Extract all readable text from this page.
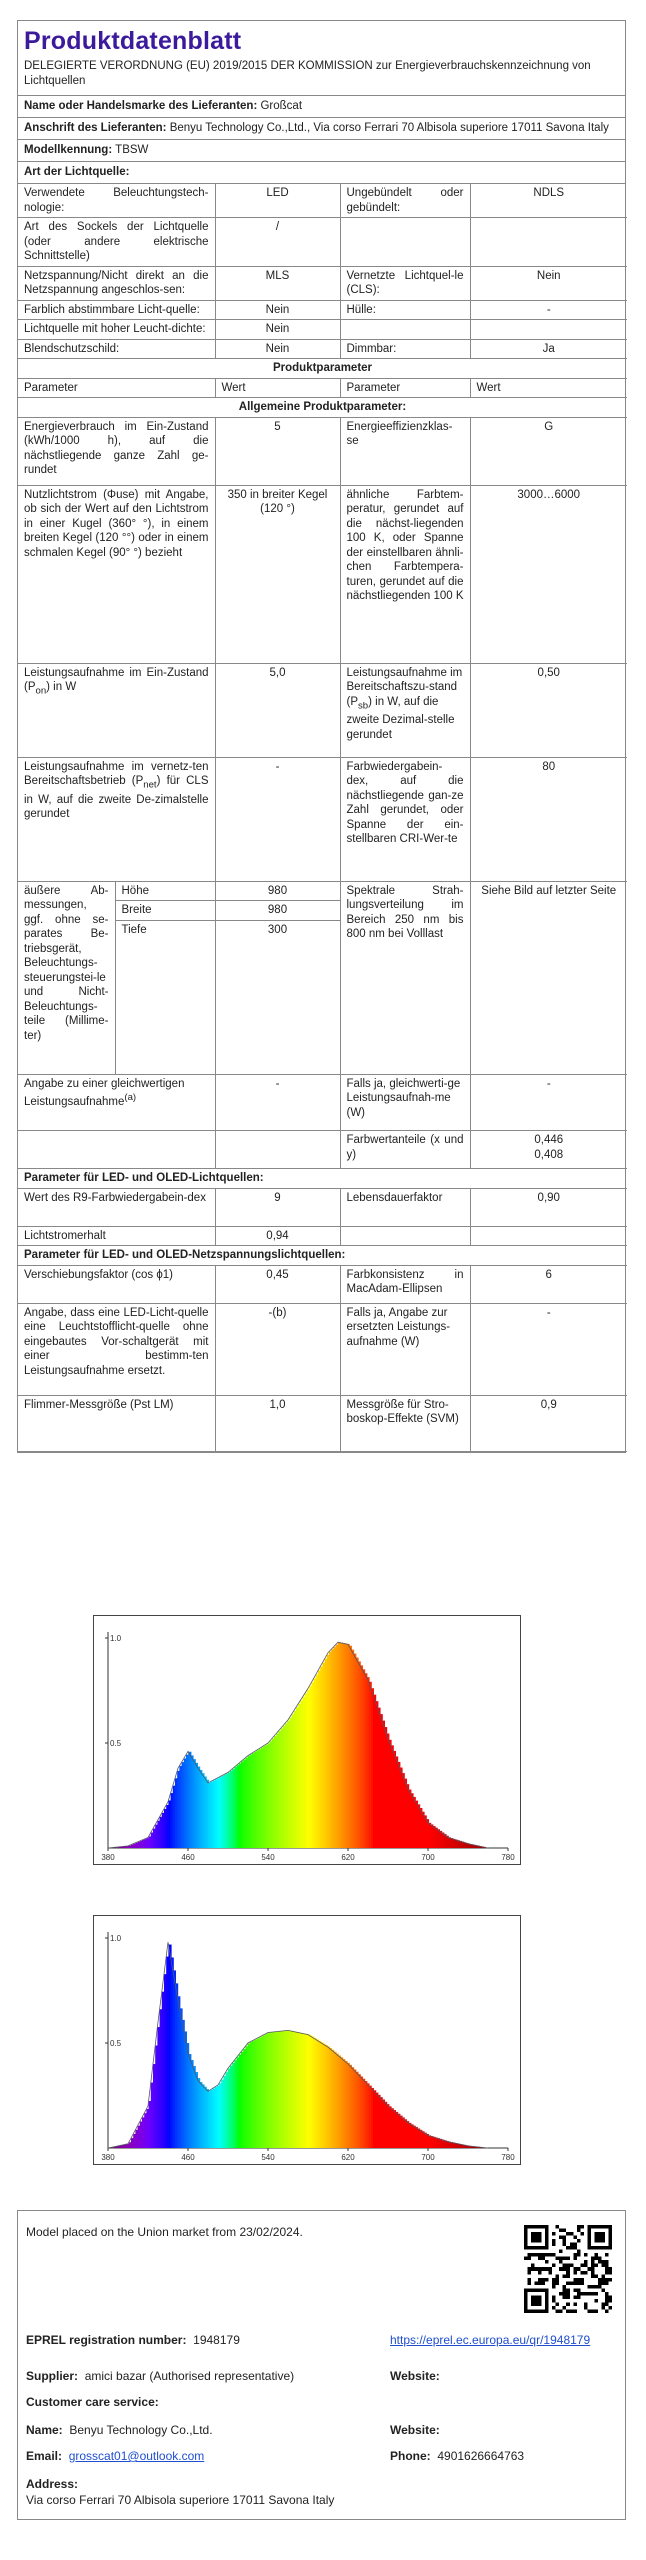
Produktdatenblatt
DELEGIERTE VERORDNUNG (EU) 2019/2015 DER KOMMISSION zur Energieverbrauchskennzeichnung von Lichtquellen
Name oder Handelsmarke des Lieferanten: Großcat
Anschrift des Lieferanten: Benyu Technology Co.,Ltd., Via corso Ferrari 70 Albisola superiore 17011 Savona Italy
Modellkennung: TBSW
Art der Lichtquelle:
Verwendete Beleuchtungstech-nologie:	LED	Ungebündelt oder gebündelt:	NDLS
Art des Sockels der Lichtquelle (oder andere elektrische Schnittstelle)	/		
Netzspannung/Nicht direkt an die Netzspannung angeschlos-sen:	MLS	Vernetzte Lichtquel-le (CLS):	Nein
Farblich abstimmbare Licht-quelle:	Nein	Hülle:	-
Lichtquelle mit hoher Leucht-dichte:	Nein		
Blendschutzschild:	Nein	Dimmbar:	Ja
Produktparameter			
Parameter	Wert	Parameter	Wert
Allgemeine Produktparameter:			
Energieverbrauch im Ein-Zustand (kWh/1000 h), auf die nächstliegende ganze Zahl ge-rundet	5	Energieeffizienzklas-se	G
Nutzlichtstrom (Φuse) mit Angabe, ob sich der Wert auf den Lichtstrom in einer Kugel (360° °), in einem breiten Kegel (120 °°) oder in einem schmalen Kegel (90° °) bezieht	350 in breiter Kegel (120 °)	ähnliche Farbtem-peratur, gerundet auf die nächst-liegenden 100 K, oder Spanne der einstellbaren ähnli-chen Farbtempera-turen, gerundet auf die nächstliegenden 100 K	3000…6000
Leistungsaufnahme im Ein-Zustand $(P_{on})$ in W	5,0	Leistungsaufnahme im Bereitschaftszu-stand $(P_{sb})$ in W, auf die zweite Dezimal-stelle gerundet	0,50
Leistungsaufnahme im vernetz-ten Bereitschaftsbetrieb $(P_{net})$ für CLS in W, auf die zweite De-zimalstelle gerundet	-	Farbwiedergabein-dex, auf die nächstliegende gan-ze Zahl gerundet, oder Spanne der ein-stellbaren CRI-Wer-te	80
äußere Ab-messungen, ggf. ohne se-parates Be-triebsgerät, Beleuchtungs-steuerungstei-le und Nicht-Beleuchtungs-teile (Millime-ter)	Höhe	980	Spektrale Strah-lungsverteilung im Bereich 250 nm bis 800 nm bei Volllast	Siehe Bild auf letzter Seite
	Breite	980		
	Tiefe	300		
Angabe zu einer gleichwertigen Leistungsaufnahme$^{(a)}$	-	Falls ja, gleichwerti-ge Leistungsaufnah-me (W)	-
		Farbwertanteile (x und y)	0,446
0,408
Parameter für LED- und OLED-Lichtquellen:			
Wert des R9-Farbwiedergabein-dex	9	Lebensdauerfaktor	0,90
Lichtstromerhalt	0,94		
Parameter für LED- und OLED-Netzspannungslichtquellen:			
Verschiebungsfaktor (cos ϕ1)	0,45	Farbkonsistenz in MacAdam-Ellipsen	6
Angabe, dass eine LED-Licht-quelle eine Leuchtstofflicht-quelle ohne eingebautes Vor-schaltgerät mit einer bestimm-ten Leistungsaufnahme ersetzt.	-(b)	Falls ja, Angabe zur ersetzten Leistungs-aufnahme (W)	-
Flimmer-Messgröße (Pst LM)	1,0	Messgröße für Stro-boskop-Effekte (SVM)	0,9
380	460	540	620	700	780
1.0
0.5
380	460	540	620	700	780
1.0
0.5
Model placed on the Union market from 23/02/2024.
EPREL registration number: 1948179	https://eprel.ec.europa.eu/qr/1948179
Supplier: amici bazar (Authorised representative)	Website:
Customer care service:
Name: Benyu Technology Co.,Ltd.	Website:
Email: grosscat01@outlook.com	Phone: 4901626664763
Address:
Via corso Ferrari 70 Albisola superiore 17011 Savona Italy
